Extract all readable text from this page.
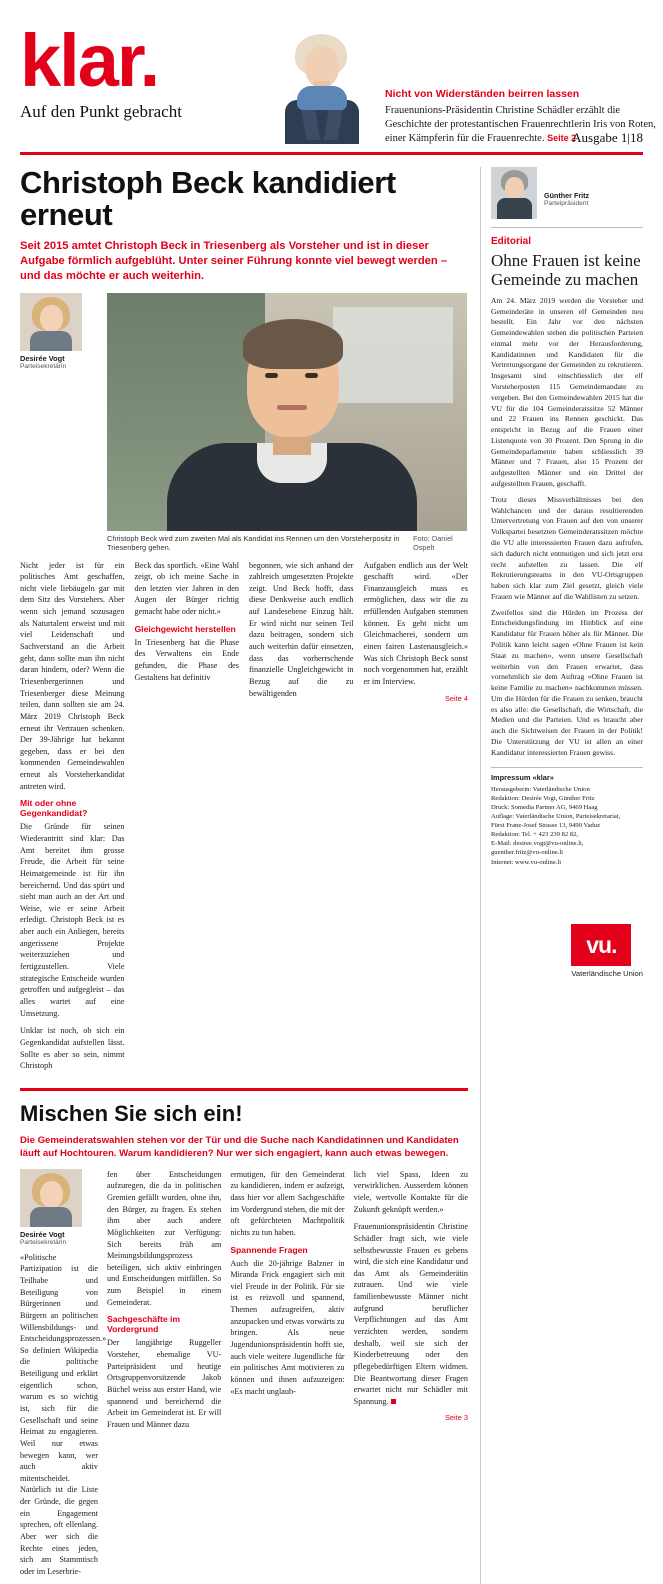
klar.
Auf den Punkt gebracht
Nicht von Widerständen beirren lassen
Frauenunions-Präsidentin Christine Schädler erzählt die Geschichte der protestantischen Frauenrechtlerin Iris von Roten, einer Kämpferin für die Frauenrechte. Seite 2
Ausgabe 1|18
Christoph Beck kandidiert erneut
Seit 2015 amtet Christoph Beck in Triesenberg als Vorsteher und ist in dieser Aufgabe förmlich aufgeblüht. Unter seiner Führung konnte viel bewegt werden – und das möchte er auch weiterhin.
Desirée Vogt
Parteisekretärin
Christoph Beck wird zum zweiten Mal als Kandidat ins Rennen um den Vorsteherpositz in Triesenberg gehen.
Foto: Daniel Ospelt

Nicht jeder ist für ein politisches Amt geschaffen, nicht viele liebäugeln gar mit dem Sitz des Vorstehers. Aber wenn sich jemand sozusagen als Naturtalent erweist und mit viel Leidenschaft und Sachverstand an die Arbeit geht, dann sollte man ihn nicht daran hindern, oder? Wenn die Triesenbergerinnen und Triesenberger diese Meinung teilen, dann sollten sie am 24. März 2019 Christoph Beck erneut ihr Vertrauen schenken. Der 39-Jährige hat bekannt gegeben, dass er bei den kommenden Gemeindewahlen erneut als Vorsteherkandidat antreten wird.

Mit oder ohne Gegenkandidat?

Die Gründe für seinen Wiederantritt sind klar: Das Amt bereitet ihm grosse Freude, die Arbeit für seine Heimatgemeinde ist für ihn bereichernd. Und das spürt und sieht man auch an der Art und Weise, wie er seine Arbeit erledigt. Christoph Beck ist es aber auch ein Anliegen, bereits angerissene Projekte weiterzuziehen und fertigzustellen. Viele strategische Entscheide wurden getroffen und aufgegleist – das alles wartet auf eine Umsetzung.

Unklar ist noch, ob sich ein Gegenkandidat aufstellen lässt. Sollte es aber so sein, nimmt Christoph

Beck das sportlich. «Eine Wahl zeigt, ob ich meine Sache in den letzten vier Jahren in den Augen der Bürger richtig gemacht habe oder nicht.»

Gleichgewicht herstellen

In Triesenberg hat die Phase des Verwaltens ein Ende gefunden, die Phase des Gestaltens hat definitiv

begonnen, wie sich anhand der zahlreich umgesetzten Projekte zeigt. Und Beck hofft, dass diese Denkweise auch endlich auf Landesebene Einzug hält. Er wird nicht nur seinen Teil dazu beitragen, sondern sich auch weiterhin dafür einsetzen, dass das vorherrschende finanzielle Ungleichgewicht in Bezug auf die zu bewältigenden

Aufgaben endlich aus der Welt geschafft wird. «Der Finanzausgleich muss es ermöglichen, dass wir die zu erfüllenden Aufgaben stemmen können. Es geht nicht um Gleichmacherei, sondern um einen fairen Lastenausgleich.» Was sich Christoph Beck sonst noch vorgenommen hat, erzählt er im Interview.

Seite 4
Mischen Sie sich ein!
Die Gemeinderatswahlen stehen vor der Tür und die Suche nach Kandidatinnen und Kandidaten läuft auf Hochtouren. Warum kandidieren? Nur wer sich engagiert, kann auch etwas bewegen.
Desirée Vogt
Parteisekretärin

«Politische Partizipation ist die Teilhabe und Beteiligung von Bürgerinnen und Bürgern an politischen Willensbildungs- und Entscheidungsprozessen.» So definiert Wikipedia die politische Beteiligung und erklärt eigentlich schon, warum es so wichtig ist, sich für die Gesellschaft und seine Heimat zu engagieren. Weil nur etwas bewegen kann, wer auch aktiv mitentscheidet. Natürlich ist die Liste der Gründe, die gegen ein Engagement sprechen, oft ellenlang. Aber wer sich die Rechte eines jeden, sich am Stammtisch oder im Leserbrie-

fen über Entscheidungen aufzuregen, die da in politischen Gremien gefällt wurden, ohne ihn, den Bürger, zu fragen. Es stehen ihm aber auch andere Möglichkeiten zur Verfügung: Sich bereits früh am Meinungsbildungsprozess beteiligen, sich aktiv einbringen und Entscheidungen mitfällen. So zum Beispiel in einem Gemeinderat.

Sachgeschäfte im Vordergrund

Der langjährige Ruggeller Vorsteher, ehemalige VU-Parteipräsident und heutige Ortsgruppenvorsitzende Jakob Büchel weiss aus erster Hand, wie spannend und bereichernd die Arbeit im Gemeinderat ist. Er will Frauen und Männer dazu

ermutigen, für den Gemeinderat zu kandidieren, indem er aufzeigt, dass hier vor allem Sachgeschäfte im Vordergrund stehen, die mit der oft gefürchteten Machtpolitik nichts zu tun haben.

Spannende Fragen

Auch die 20-jährige Balzner in Miranda Frick engagiert sich mit viel Freude in der Politik. Für sie ist es reizvoll und spannend, Themen aufzugreifen, aktiv anzupacken und etwas vorwärts zu bringen. Als neue Jugendunionspräsidentin hofft sie, auch viele weitere Jugendliche für ein politisches Amt motivieren zu können und ihnen aufzuzeigen: «Es macht unglaub-

lich viel Spass, Ideen zu verwirklichen. Ausserdem können viele, wertvolle Kontakte für die Zukunft geknüpft werden.»

Frauenunionspräsidentin Christine Schädler fragt sich, wie viele selbstbewusste Frauen es gebens wird, die sich eine Kandidatur und das Amt als Gemeinderätin zutrauen. Und wie viele familienbewusste Männer nicht aufgrund beruflicher Verpflichtungen auf das Amt verzichten werden, sondern deshalb, weil sie sich der Kinderbetreuung oder den pflegebedürftigen Eltern widmen. Die Beantwortung dieser Fragen erwartet nicht nur Schädler mit Spannung.

Seite 3
Günther Fritz
Parteipräsident
Editorial
Ohne Frauen ist keine Gemeinde zu machen

Am 24. März 2019 werden die Vorsteher und Gemeinderäte in unseren elf Gemeinden neu bestellt. Ein Jahr vor den nächsten Gemeindewahlen stehen die politischen Parteien einmal mehr vor der Herausforderung, Kandidatinnen und Kandidaten für die Vertretungsorgane der Gemeinden zu rekrutieren. Insgesamt sind einschliesslich der elf Vorsteherposten 115 Gemeindemandate zu vergeben. Bei den Gemeindewahlen 2015 hat die VU für die 104 Gemeinderatssitze 52 Männer und 22 Frauen ins Rennen geschickt. Das entspricht in Bezug auf die Frauen einer Listenquote von 30 Prozent. Den Sprung in die Gemeindeparlamente haben schliesslich 39 Männer und 7 Frauen, also 15 Prozent der aufgestellten Männer und ein Drittel der aufgestellten Frauen, geschafft.

Trotz dieses Missverhältnisses bei den Wahlchancen und der daraus resultierenden Untervertretung von Frauen auf den von unserer Volkspartei besetzten Gemeinderatssitzen möchte die VU alle interessierten Frauen dazu aufrufen, sich dadurch nicht entmutigen und sich jetzt erst recht aufstellen zu lassen. Die elf Rekrutierungsteams in den VU-Ortsgruppen haben sich klar zum Ziel gesetzt, gleich viele Frauen wie Männer auf die Wahllisten zu setzen.

Zweifellos sind die Hürden im Prozess der Entscheidungsfindung im Hinblick auf eine Kandidatur für Frauen höher als für Männer. Die Politik kann leicht sagen «Ohne Frauen ist kein Staat zu machen», wenn unsere Gesellschaft weiterhin von den Frauen erwartet, dass vornehmlich sie dem Auftrag «Ohne Frauen ist keine Familie zu machen» nachkommen müssen. Um die Hürden für die Frauen zu senken, braucht es also alle: die Gesellschaft, die Wirtschaft, die Medien und die Parteien. Und es braucht aber auch die Sichtweisen der Frauen in der Politik! Die Unterstützung der VU ist allen an einer Kandidatur interessierten Frauen gewiss.

Impressum «klar»
Herausgeberin: Vaterländische Union
Redaktion: Desirée Vogt, Günther Fritz
Druck: Somedia Partner AG, 9469 Haag
Auflage: Vaterländische Union, Parteisekretariat,
Fürst Franz-Josef Strasse 13, 9490 Vaduz
Redaktion: Tel. + 423 239 82 82,
E-Mail: desiree.vogt@vu-online.li,
guenther.fritz@vu-online.li
Internet: www.vu-online.li
vu.
Vaterländische Union
